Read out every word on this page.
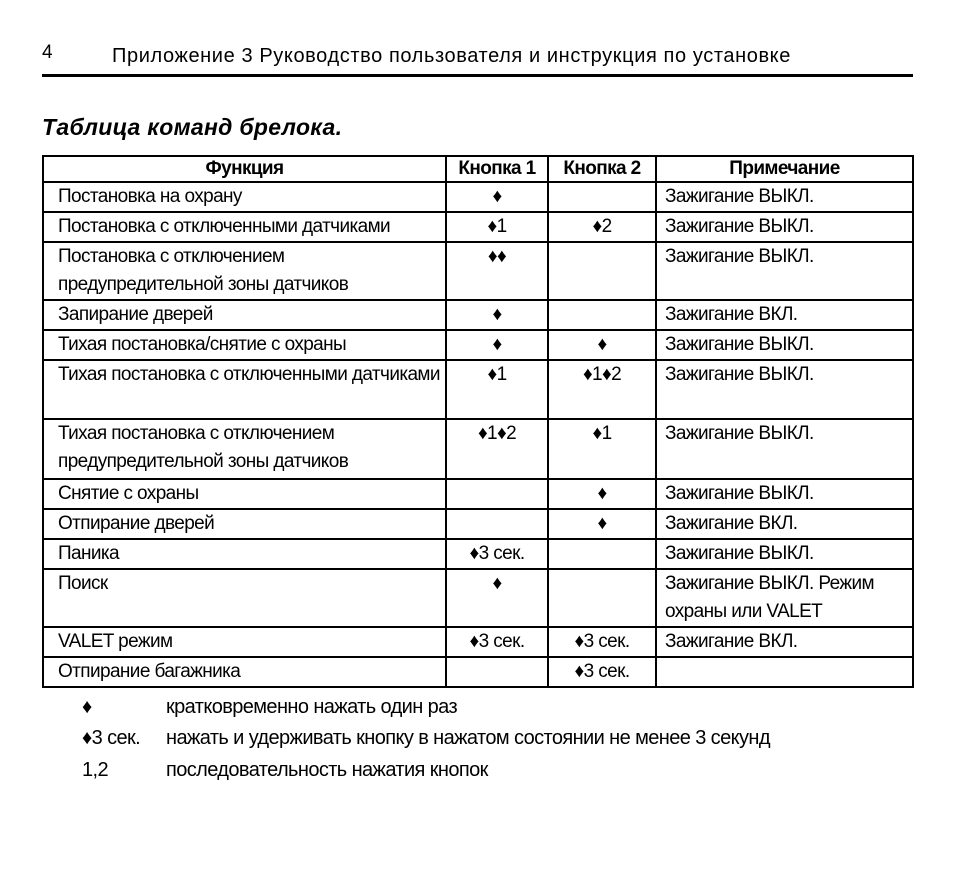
4	Приложение 3 Руководство пользователя и инструкция по установке
Таблица команд брелока.
Функция	Кнопка 1	Кнопка 2	Примечание
Постановка на охрану	♦		Зажигание ВЫКЛ.
Постановка с отключенными датчиками	♦1	♦2	Зажигание ВЫКЛ.
Постановка с отключением предупредительной зоны датчиков	♦♦		Зажигание ВЫКЛ.
Запирание дверей	♦		Зажигание ВКЛ.
Тихая постановка/снятие с охраны	♦	♦	Зажигание ВЫКЛ.
Тихая постановка с отключенными датчиками	♦1	♦1♦2	Зажигание ВЫКЛ.
Тихая постановка с отключением предупредительной зоны датчиков	♦1♦2	♦1	Зажигание ВЫКЛ.
Снятие с охраны		♦	Зажигание ВЫКЛ.
Отпирание дверей		♦	Зажигание ВКЛ.
Паника	♦3 сек.		Зажигание ВЫКЛ.
Поиск	♦		Зажигание ВЫКЛ. Режим охраны или VALET
VALET режим	♦3 сек.	♦3 сек.	Зажигание ВКЛ.
Отпирание багажника		♦3 сек.	
♦	кратковременно нажать один раз
♦3 сек. нажать и удерживать кнопку в нажатом состоянии не менее 3 секунд
1,2	последовательность нажатия кнопок
